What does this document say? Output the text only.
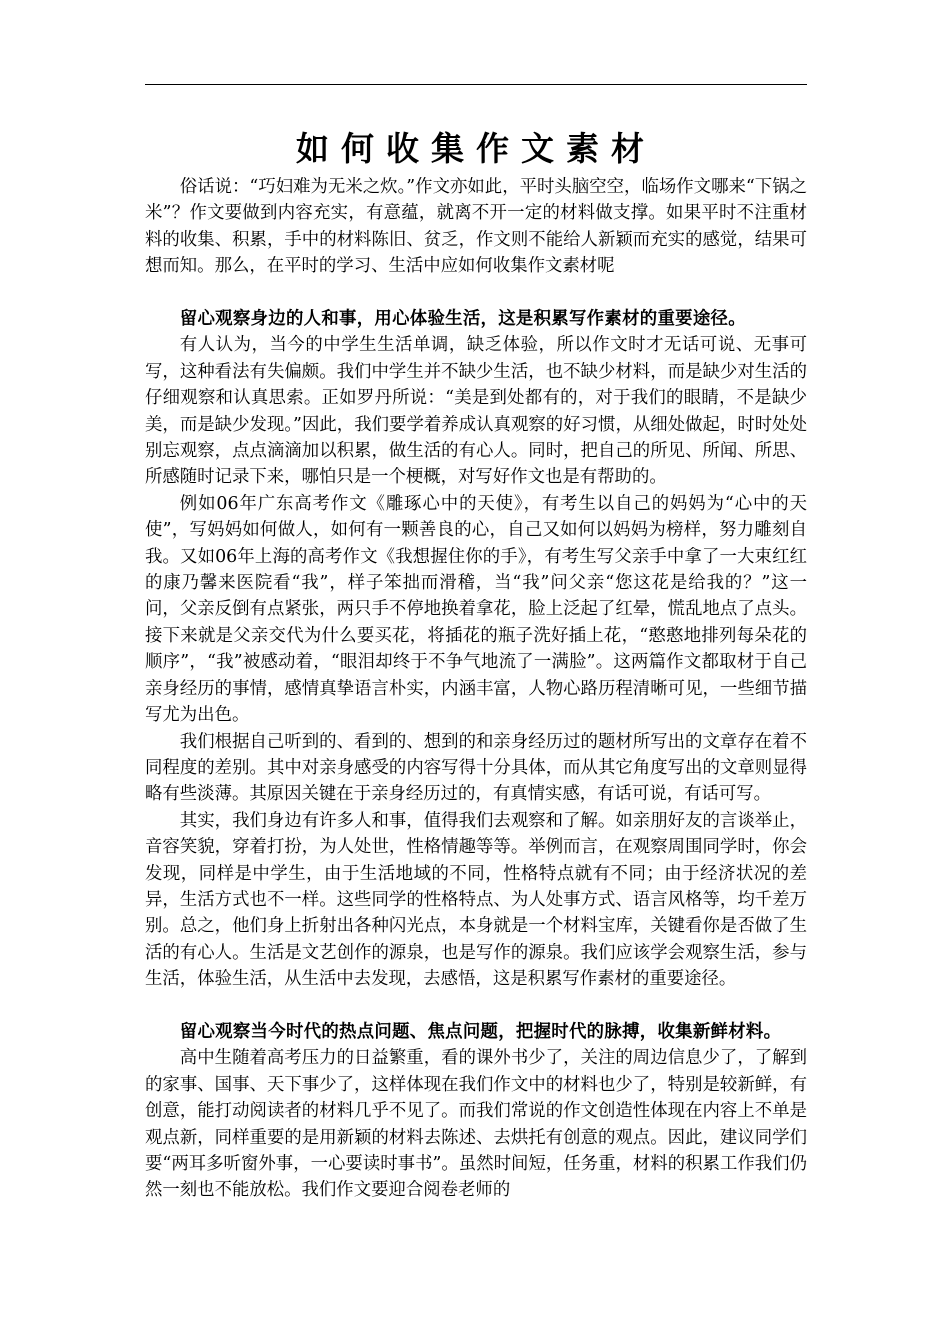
如何收集作文素材

俗话说：“巧妇难为无米之炊。”作文亦如此，平时头脑空空，临场作文哪来“下锅之米”？作文要做到内容充实，有意蕴，就离不开一定的材料做支撑。如果平时不注重材料的收集、积累，手中的材料陈旧、贫乏，作文则不能给人新颖而充实的感觉，结果可想而知。那么，在平时的学习、生活中应如何收集作文素材呢

留心观察身边的人和事，用心体验生活，这是积累写作素材的重要途径。

有人认为，当今的中学生生活单调，缺乏体验，所以作文时才无话可说、无事可写，这种看法有失偏颇。我们中学生并不缺少生活，也不缺少材料，而是缺少对生活的仔细观察和认真思索。正如罗丹所说：“美是到处都有的，对于我们的眼睛，不是缺少美，而是缺少发现。”因此，我们要学着养成认真观察的好习惯，从细处做起，时时处处别忘观察，点点滴滴加以积累，做生活的有心人。同时，把自己的所见、所闻、所思、所感随时记录下来，哪怕只是一个梗概，对写好作文也是有帮助的。

例如06年广东高考作文《雕琢心中的天使》，有考生以自己的妈妈为“心中的天使”，写妈妈如何做人，如何有一颗善良的心，自己又如何以妈妈为榜样，努力雕刻自我。又如06年上海的高考作文《我想握住你的手》，有考生写父亲手中拿了一大束红红的康乃馨来医院看“我”，样子笨拙而滑稽，当“我”问父亲“您这花是给我的？”这一问，父亲反倒有点紧张，两只手不停地换着拿花，脸上泛起了红晕，慌乱地点了点头。接下来就是父亲交代为什么要买花，将插花的瓶子洗好插上花，“憨憨地排列每朵花的顺序”，“我”被感动着，“眼泪却终于不争气地流了一满脸”。这两篇作文都取材于自己亲身经历的事情，感情真挚语言朴实，内涵丰富，人物心路历程清晰可见，一些细节描写尤为出色。

我们根据自己听到的、看到的、想到的和亲身经历过的题材所写出的文章存在着不同程度的差别。其中对亲身感受的内容写得十分具体，而从其它角度写出的文章则显得略有些淡薄。其原因关键在于亲身经历过的，有真情实感，有话可说，有话可写。

其实，我们身边有许多人和事，值得我们去观察和了解。如亲朋好友的言谈举止，音容笑貌，穿着打扮，为人处世，性格情趣等等。举例而言，在观察周围同学时，你会发现，同样是中学生，由于生活地域的不同，性格特点就有不同；由于经济状况的差异，生活方式也不一样。这些同学的性格特点、为人处事方式、语言风格等，均千差万别。总之，他们身上折射出各种闪光点，本身就是一个材料宝库，关键看你是否做了生活的有心人。生活是文艺创作的源泉，也是写作的源泉。我们应该学会观察生活，参与生活，体验生活，从生活中去发现，去感悟，这是积累写作素材的重要途径。

留心观察当今时代的热点问题、焦点问题，把握时代的脉搏，收集新鲜材料。

高中生随着高考压力的日益繁重，看的课外书少了，关注的周边信息少了，了解到的家事、国事、天下事少了，这样体现在我们作文中的材料也少了，特别是较新鲜，有创意，能打动阅读者的材料几乎不见了。而我们常说的作文创造性体现在内容上不单是观点新，同样重要的是用新颖的材料去陈述、去烘托有创意的观点。因此，建议同学们要“两耳多听窗外事，一心要读时事书”。虽然时间短，任务重，材料的积累工作我们仍然一刻也不能放松。我们作文要迎合阅卷老师的
